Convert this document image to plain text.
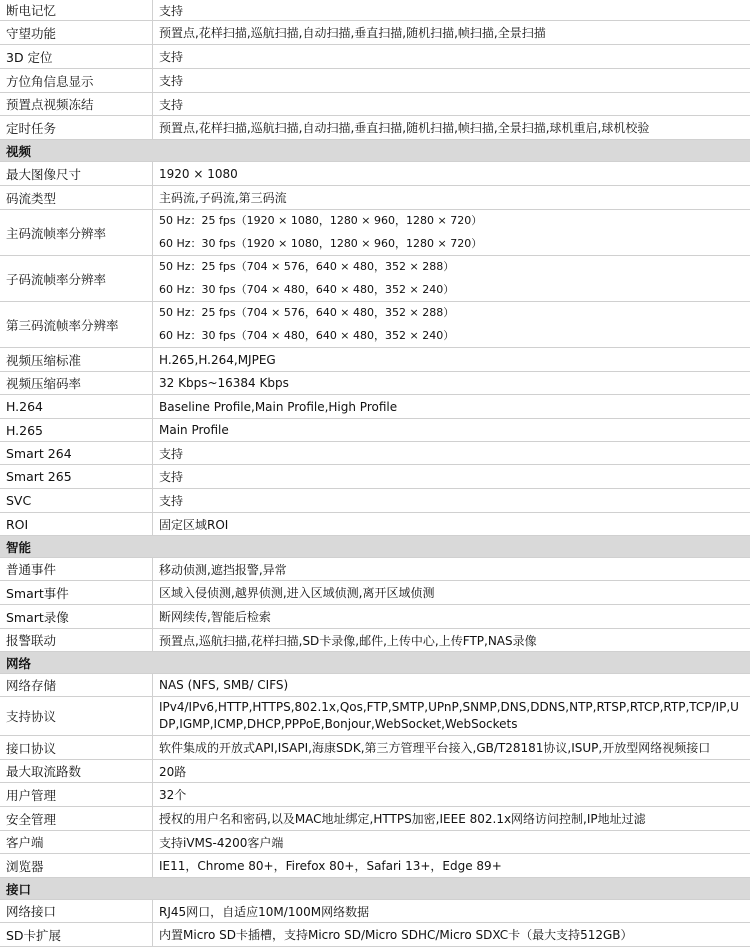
断电记忆	支持
守望功能	预置点,花样扫描,巡航扫描,自动扫描,垂直扫描,随机扫描,帧扫描,全景扫描
3D 定位	支持
方位角信息显示	支持
预置点视频冻结	支持
定时任务	预置点,花样扫描,巡航扫描,自动扫描,垂直扫描,随机扫描,帧扫描,全景扫描,球机重启,球机校验
视频	
最大图像尺寸	1920 × 1080
码流类型	主码流,子码流,第三码流
主码流帧率分辨率	50 Hz：25 fps（1920 × 1080，1280 × 960，1280 × 720）
60 Hz：30 fps（1920 × 1080，1280 × 960，1280 × 720）

子码流帧率分辨率	50 Hz：25 fps（704 × 576，640 × 480，352 × 288）
60 Hz：30 fps（704 × 480，640 × 480，352 × 240）

第三码流帧率分辨率	50 Hz：25 fps（704 × 576，640 × 480，352 × 288）
60 Hz：30 fps（704 × 480，640 × 480，352 × 240）

视频压缩标准	H.265,H.264,MJPEG
视频压缩码率	32 Kbps~16384 Kbps
H.264	Baseline Profile,Main Profile,High Profile
H.265	Main Profile
Smart 264	支持
Smart 265	支持
SVC	支持
ROI	固定区域ROI
智能	
普通事件	移动侦测,遮挡报警,异常
Smart事件	区域入侵侦测,越界侦测,进入区域侦测,离开区域侦测
Smart录像	断网续传,智能后检索
报警联动	预置点,巡航扫描,花样扫描,SD卡录像,邮件,上传中心,上传FTP,NAS录像
网络	
网络存储	NAS (NFS, SMB/ CIFS)
支持协议	IPv4/IPv6,HTTP,HTTPS,802.1x,Qos,FTP,SMTP,UPnP,SNMP,DNS,DDNS,NTP,RTSP,RTCP,RTP,TCP/IP,UDP,IGMP,ICMP,DHCP,PPPoE,Bonjour,WebSocket,WebSockets
接口协议	软件集成的开放式API,ISAPI,海康SDK,第三方管理平台接入,GB/T28181协议,ISUP,开放型网络视频接口
最大取流路数	20路
用户管理	32个
安全管理	授权的用户名和密码,以及MAC地址绑定,HTTPS加密,IEEE 802.1x网络访问控制,IP地址过滤
客户端	支持iVMS-4200客户端
浏览器	IE11，Chrome 80+，Firefox 80+，Safari 13+，Edge 89+
接口	
网络接口	RJ45网口，自适应10M/100M网络数据
SD卡扩展	内置Micro SD卡插槽，支持Micro SD/Micro SDHC/Micro SDXC卡（最大支持512GB）
